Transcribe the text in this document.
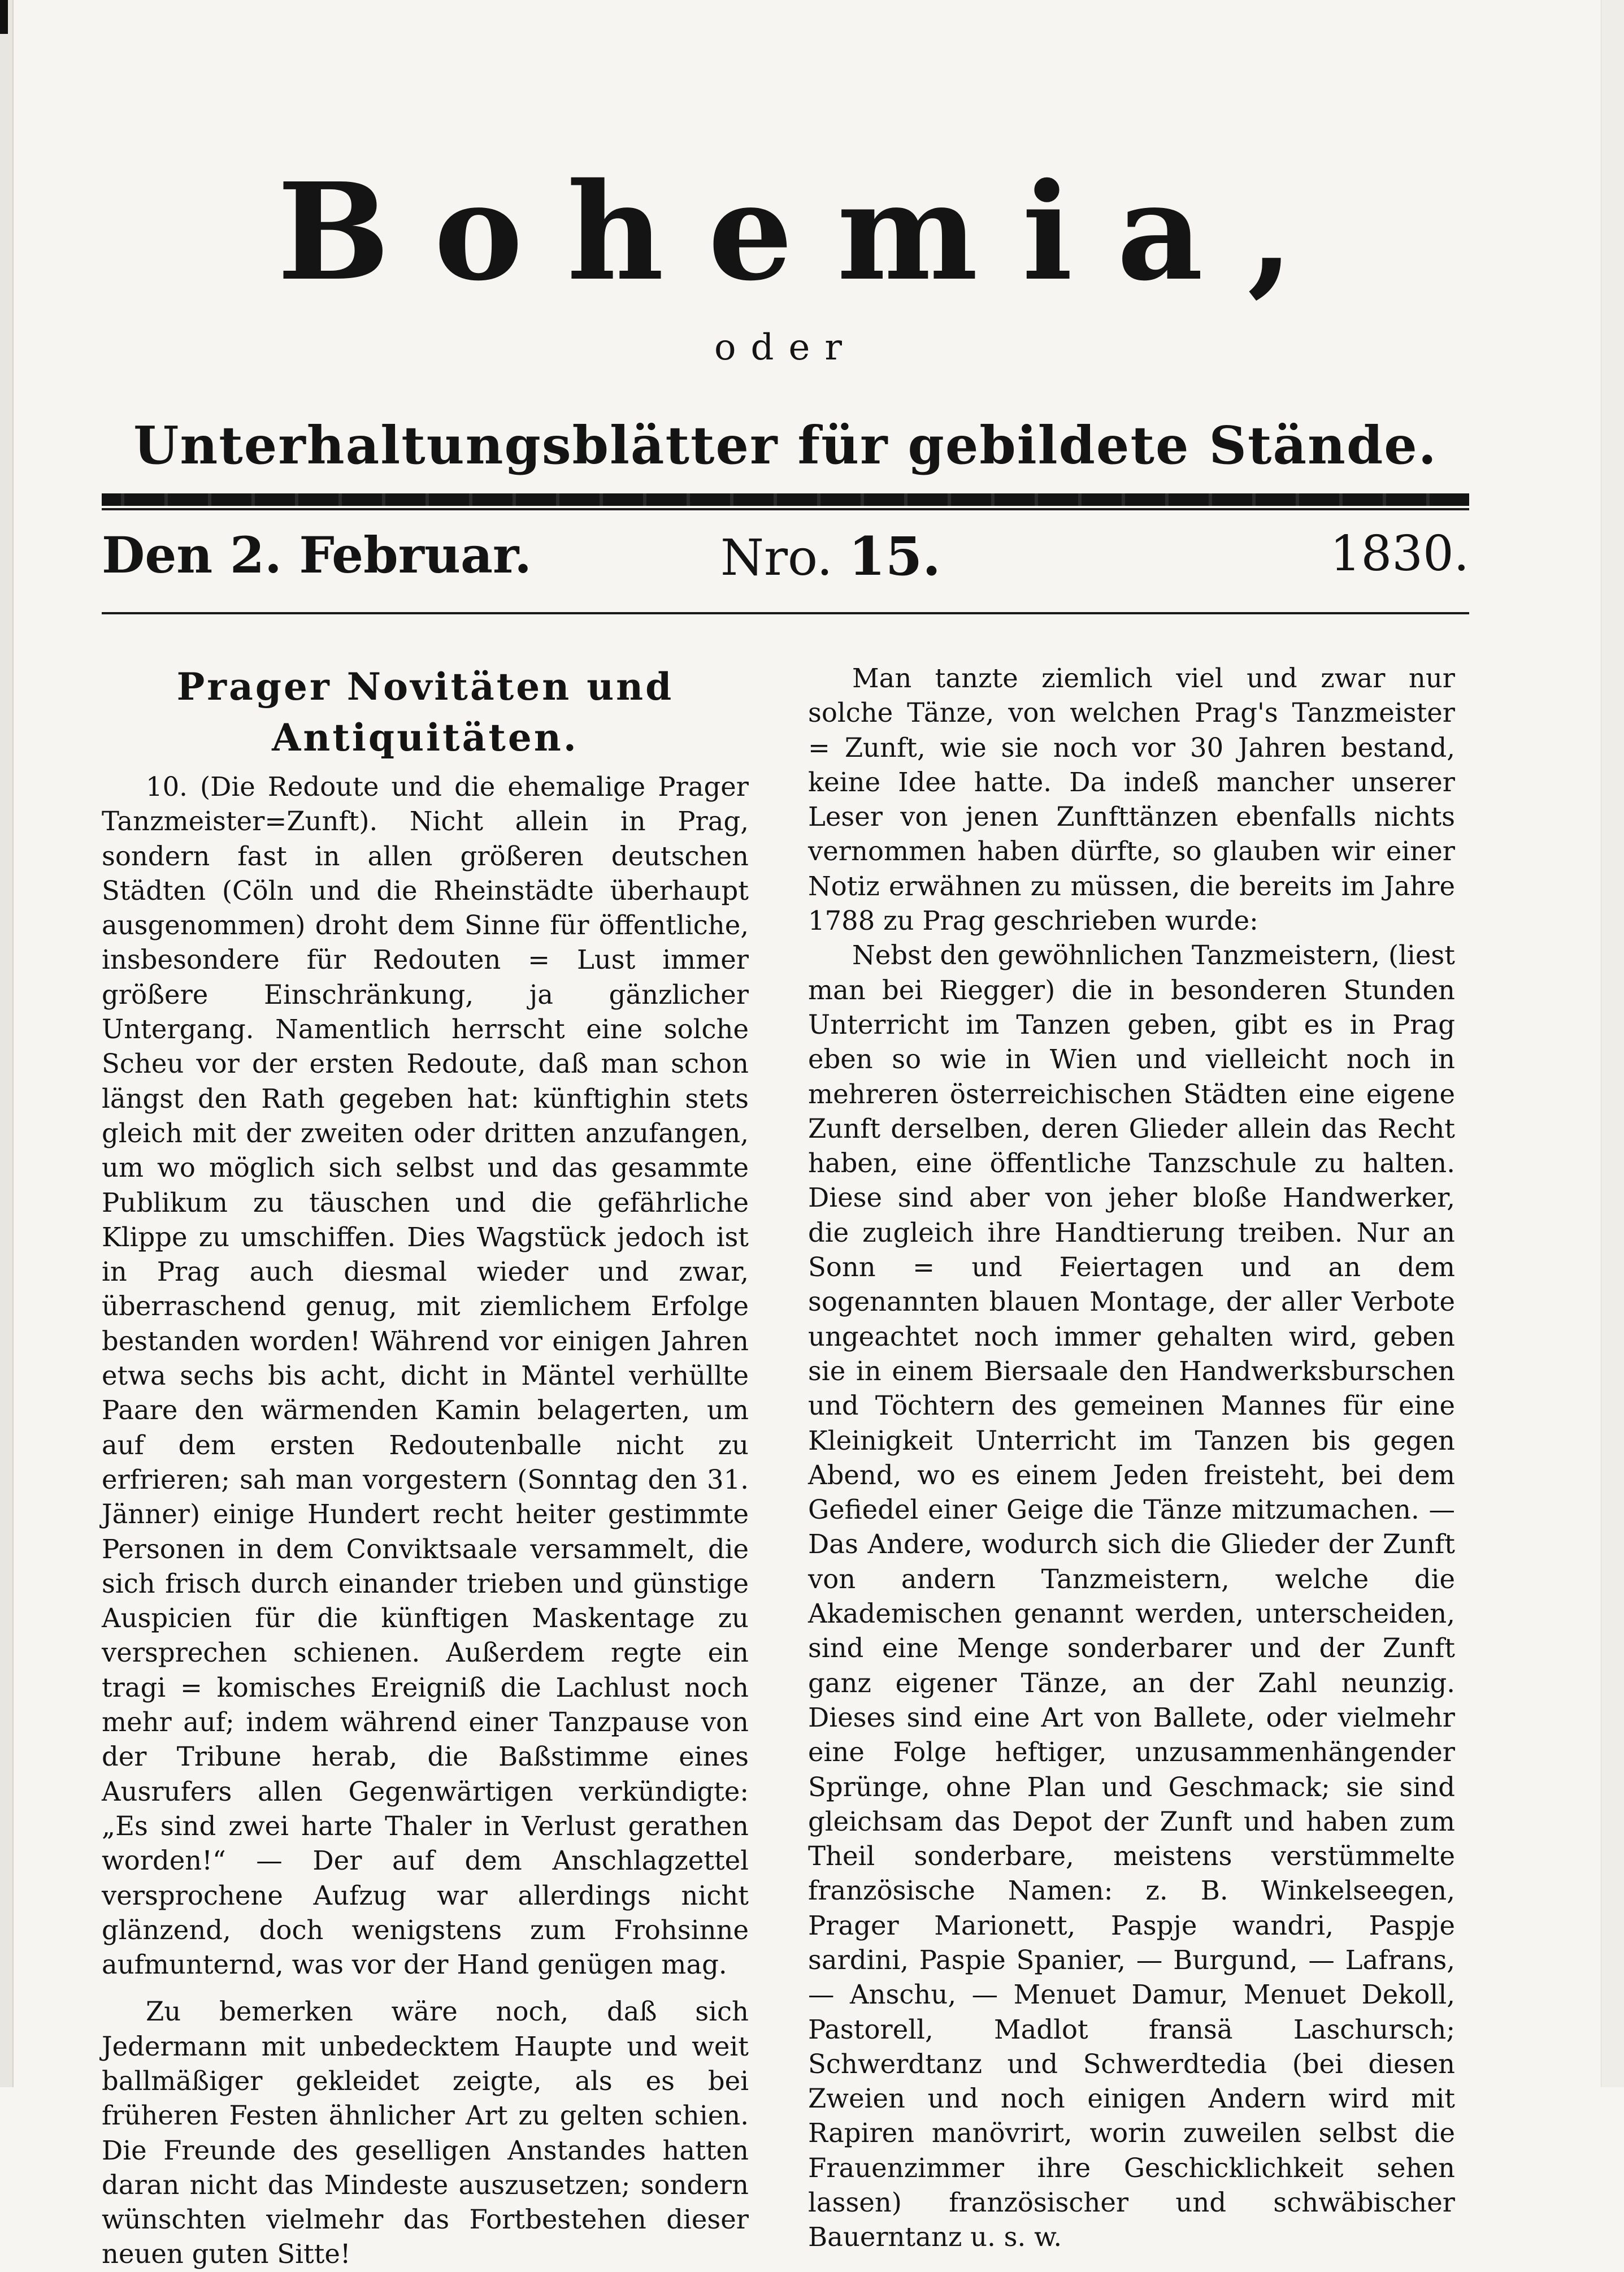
Bohemia,
oder
Unterhaltungsblätter für gebildete Stände.
Den 2. Februar.	Nro. 15.	1830.
Prager Novitäten und Antiquitäten.

10. (Die Redoute und die ehemalige Prager Tanzmeister=Zunft). Nicht allein in Prag, sondern fast in allen größeren deutschen Städten (Cöln und die Rheinstädte überhaupt ausgenommen) droht dem Sinne für öffentliche, insbesondere für Redouten = Lust immer größere Einschränkung, ja gänzlicher Untergang. Namentlich herrscht eine solche Scheu vor der ersten Redoute, daß man schon längst den Rath gegeben hat: künftighin stets gleich mit der zweiten oder dritten anzufangen, um wo möglich sich selbst und das gesammte Publikum zu täuschen und die gefährliche Klippe zu umschiffen. Dies Wagstück jedoch ist in Prag auch diesmal wieder und zwar, überraschend genug, mit ziemlichem Erfolge bestanden worden! Während vor einigen Jahren etwa sechs bis acht, dicht in Mäntel verhüllte Paare den wärmenden Kamin belagerten, um auf dem ersten Redoutenballe nicht zu erfrieren; sah man vorgestern (Sonntag den 31. Jänner) einige Hundert recht heiter gestimmte Personen in dem Conviktsaale versammelt, die sich frisch durch einander trieben und günstige Auspicien für die künftigen Maskentage zu versprechen schienen. Außerdem regte ein tragi = komisches Ereigniß die Lachlust noch mehr auf; indem während einer Tanzpause von der Tribune herab, die Baßstimme eines Ausrufers allen Gegenwärtigen verkündigte: „Es sind zwei harte Thaler in Verlust gerathen worden!“ — Der auf dem Anschlagzettel versprochene Aufzug war allerdings nicht glänzend, doch wenigstens zum Frohsinne aufmunternd, was vor der Hand genügen mag.

Zu bemerken wäre noch, daß sich Jedermann mit unbedecktem Haupte und weit ballmäßiger gekleidet zeigte, als es bei früheren Festen ähnlicher Art zu gelten schien. Die Freunde des geselligen Anstandes hatten daran nicht das Mindeste auszusetzen; sondern wünschten vielmehr das Fortbestehen dieser neuen guten Sitte!

Man tanzte ziemlich viel und zwar nur solche Tänze, von welchen Prag's Tanzmeister = Zunft, wie sie noch vor 30 Jahren bestand, keine Idee hatte. Da indeß mancher unserer Leser von jenen Zunfttänzen ebenfalls nichts vernommen haben dürfte, so glauben wir einer Notiz erwähnen zu müssen, die bereits im Jahre 1788 zu Prag geschrieben wurde:

Nebst den gewöhnlichen Tanzmeistern, (liest man bei Riegger) die in besonderen Stunden Unterricht im Tanzen geben, gibt es in Prag eben so wie in Wien und vielleicht noch in mehreren österreichischen Städten eine eigene Zunft derselben, deren Glieder allein das Recht haben, eine öffentliche Tanzschule zu halten. Diese sind aber von jeher bloße Handwerker, die zugleich ihre Handtierung treiben. Nur an Sonn = und Feiertagen und an dem sogenannten blauen Montage, der aller Verbote ungeachtet noch immer gehalten wird, geben sie in einem Biersaale den Handwerksburschen und Töchtern des gemeinen Mannes für eine Kleinigkeit Unterricht im Tanzen bis gegen Abend, wo es einem Jeden freisteht, bei dem Gefiedel einer Geige die Tänze mitzumachen. — Das Andere, wodurch sich die Glieder der Zunft von andern Tanzmeistern, welche die Akademischen genannt werden, unterscheiden, sind eine Menge sonderbarer und der Zunft ganz eigener Tänze, an der Zahl neunzig. Dieses sind eine Art von Ballete, oder vielmehr eine Folge heftiger, unzusammenhängender Sprünge, ohne Plan und Geschmack; sie sind gleichsam das Depot der Zunft und haben zum Theil sonderbare, meistens verstümmelte französische Namen: z. B. Winkelseegen, Prager Marionett, Paspje wandri, Paspje sardini, Paspie Spanier, — Burgund, — Lafrans, — Anschu, — Menuet Damur, Menuet Dekoll, Pastorell, Madlot fransä Laschursch; Schwerdtanz und Schwerdtedia (bei diesen Zweien und noch einigen Andern wird mit Rapiren manövrirt, worin zuweilen selbst die Frauenzimmer ihre Geschicklichkeit sehen lassen) französischer und schwäbischer Bauerntanz u. s. w.
